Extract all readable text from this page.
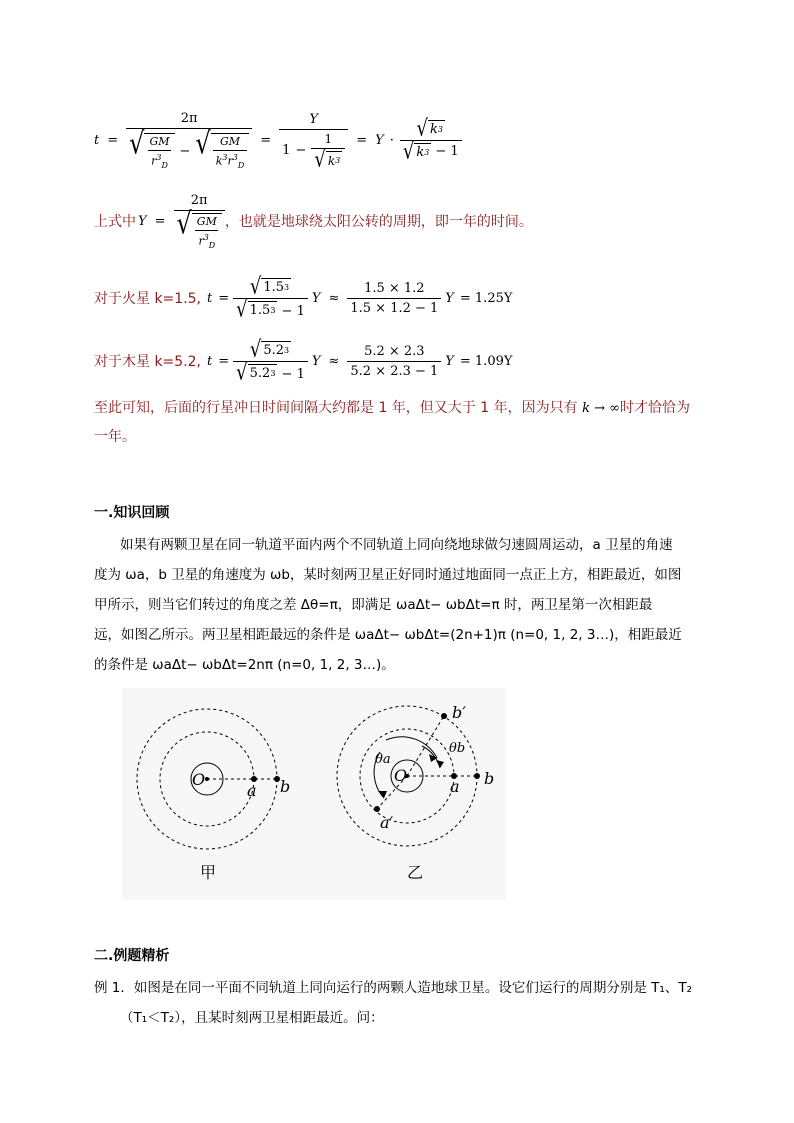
$t = \frac{2\pi}{√ \frac{GM}{r^3_D} - √ \frac{GM}{k^3r^3_D}} = \frac{Y}{1 - \frac{1}{√ k 3}} = Y \cdot \frac{√ k 3}{√ k 3 - 1}$
上式中 $Y = \frac{2\pi}{√ \frac{GM}{r^3_D}}$ ，也就是地球绕太阳公转的周期，即一年的时间。
对于火星 k=1.5, $t = \frac{√ 1.5 3}{√ 1.5 3 - 1}$ $Y \approx \frac{1.5 \times 1.2}{1.5 \times 1.2 - 1}$ Y = 1.25Y
对于木星 k=5.2, $t = \frac{√ 5.2 3}{√ 5.2 3 - 1}$ $Y \approx \frac{5.2 \times 2.3}{5.2 \times 2.3 - 1}$ Y = 1.09Y
至此可知，后面的行星冲日时间间隔大约都是 1 年，但又大于 1 年，因为只有 k → ∞时才恰恰为
一年。
一.知识回顾
如果有两颗卫星在同一轨道平面内两个不同轨道上同向绕地球做匀速圆周运动，a 卫星的角速
度为 ωa，b 卫星的角速度为 ωb，某时刻两卫星正好同时通过地面同一点正上方，相距最近，如图
甲所示，则当它们转过的角度之差 Δθ=π，即满足 ωaΔt− ωbΔt=π 时，两卫星第一次相距最
远，如图乙所示。两卫星相距最远的条件是 ωaΔt− ωbΔt=(2n+1)π (n=0, 1, 2, 3…)，相距最近
的条件是 ωaΔt− ωbΔt=2nπ (n=0, 1, 2, 3…)。
O
a b
O
a b
b′
a′
θa
θb
甲	乙
二.例题精析
例 1．如图是在同一平面不同轨道上同向运行的两颗人造地球卫星。设它们运行的周期分别是 T₁、T₂
（T₁＜T₂），且某时刻两卫星相距最近。问：
